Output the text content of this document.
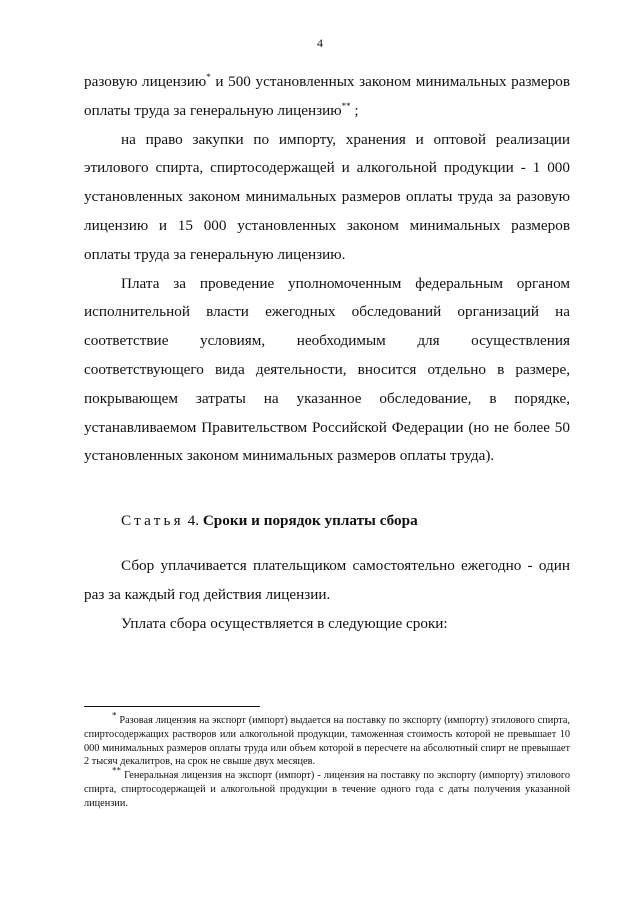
4

разовую лицензию* и 500 установленных законом минимальных размеров оплаты труда за генеральную лицензию** ;

на право закупки по импорту, хранения и оптовой реализации этилового спирта, спиртосодержащей и алкогольной продукции - 1 000 установленных законом минимальных размеров оплаты труда за разовую лицензию и 15 000 установленных законом минимальных размеров оплаты труда за генеральную лицензию.

Плата за проведение уполномоченным федеральным органом исполнительной власти ежегодных обследований организаций на соответствие условиям, необходимым для осуществления соответствующего вида деятельности, вносится отдельно в размере, покрывающем затраты на указанное обследование, в порядке, устанавливаемом Правительством Российской Федерации (но не более 50 установленных законом минимальных размеров оплаты труда).

Статья 4. Сроки и порядок уплаты сбора

Сбор уплачивается плательщиком самостоятельно ежегодно - один раз за каждый год действия лицензии.

Уплата сбора осуществляется в следующие сроки:

* Разовая лицензия на экспорт (импорт) выдается на поставку по экспорту (импорту) этилового спирта, спиртосодержащих растворов или алкогольной продукции, таможенная стоимость которой не превышает 10 000 минимальных размеров оплаты труда или объем которой в пересчете на абсолютный спирт не превышает 2 тысяч декалитров, на срок не свыше двух месяцев.

** Генеральная лицензия на экспорт (импорт) - лицензия на поставку по экспорту (импорту) этилового спирта, спиртосодержащей и алкогольной продукции в течение одного года с даты получения указанной лицензии.
